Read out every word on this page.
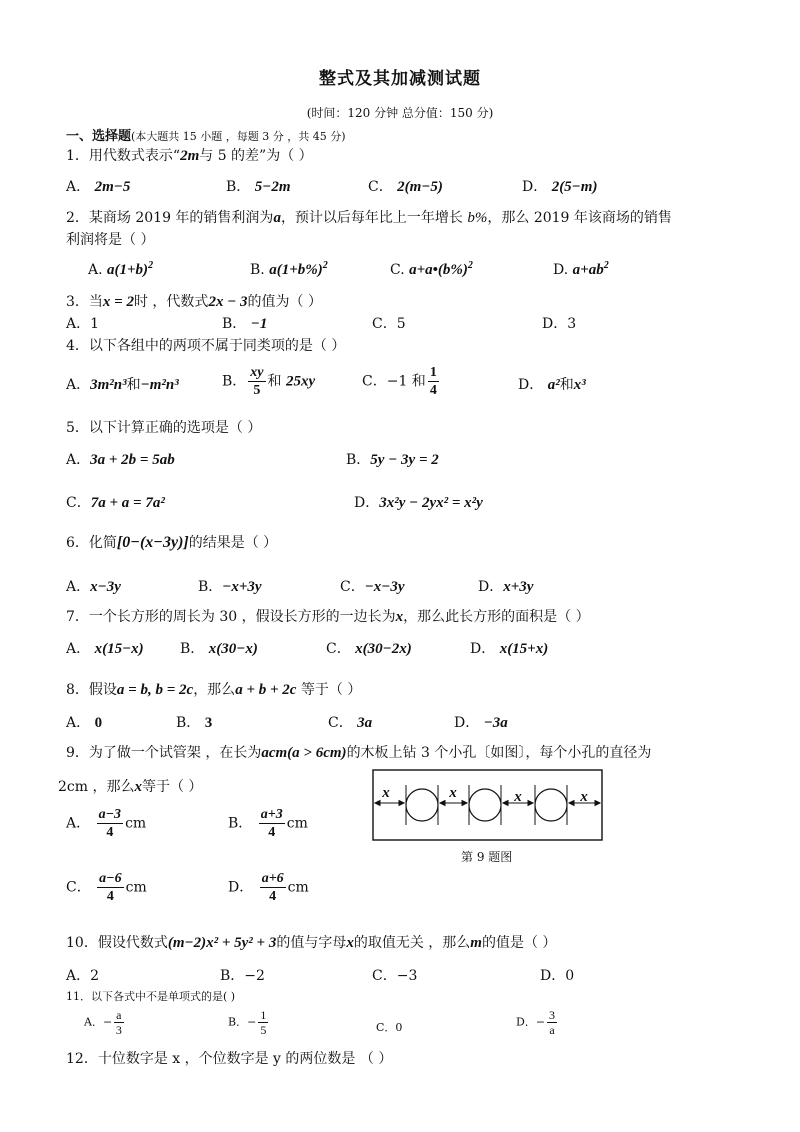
整式及其加减测试题
(时间：120 分钟 总分值：150 分)
一、选择题(本大题共 15 小题 ，每题 3 分 ，共 45 分)
1．用代数式表示“2m与 5 的差”为（ ）
A． 2m−5	B． 5−2m	C． 2(m−5)	D． 2(5−m)
2．某商场 2019 年的销售利润为a，预计以后每年比上一年增长 b%，那么 2019 年该商场的销售
利润将是（ ）
A. $a(1+b)^2$	B. $a(1+b\%)^2$	C. $a+a•(b\%)^2$	D. $a+ab^2$
3．当x = 2时 ，代数式2x − 3的值为（ ）
A．1	B． −1	C．5	D．3
4．以下各组中的两项不属于同类项的是（ ）
A．3m²n³和−m²n³	B． $\frac{xy}{5}$ 和 25xy	C．−1 和 $\frac{1}{4}$	D． a²和x³
5．以下计算正确的选项是（ ）
A．3a + 2b = 5ab	B．5y − 3y = 2
C．7a + a = 7a²	D．3x²y − 2yx² = x²y
6．化简[0−(x−3y)]的结果是（ ）
A．x−3y	B．−x+3y	C．−x−3y	D．x+3y
7．一个长方形的周长为 30 ，假设长方形的一边长为x，那么此长方形的面积是（ ）
A． x(15−x)	B． x(30−x)	C． x(30−2x)	D． x(15+x)
8．假设a = b, b = 2c，那么a + b + 2c 等于（ ）
A． 0	B． 3	C． 3a	D． −3a
9．为了做一个试管架 ，在长为acm(a > 6cm)的木板上钻 3 个小孔〔如图〕，每个小孔的直径为
2cm ，那么x等于（ ）
A． $\frac{a-3}{4}$ cm	B． $\frac{a+3}{4}$ cm
C． $\frac{a-6}{4}$ cm	D． $\frac{a+6}{4}$ cm
x	x	x	x
第 9 题图
10．假设代数式(m−2)x² + 5y² + 3的值与字母x的取值无关 ，那么m的值是（ ）
A．2	B．−2	C．−3	D．0
11．以下各式中不是单项式的是( )
A．− $\frac{a}{3}$	B．− $\frac{1}{5}$	C．0	D．− $\frac{3}{a}$
12．十位数字是 x ，个位数字是 y 的两位数是 （ ）
